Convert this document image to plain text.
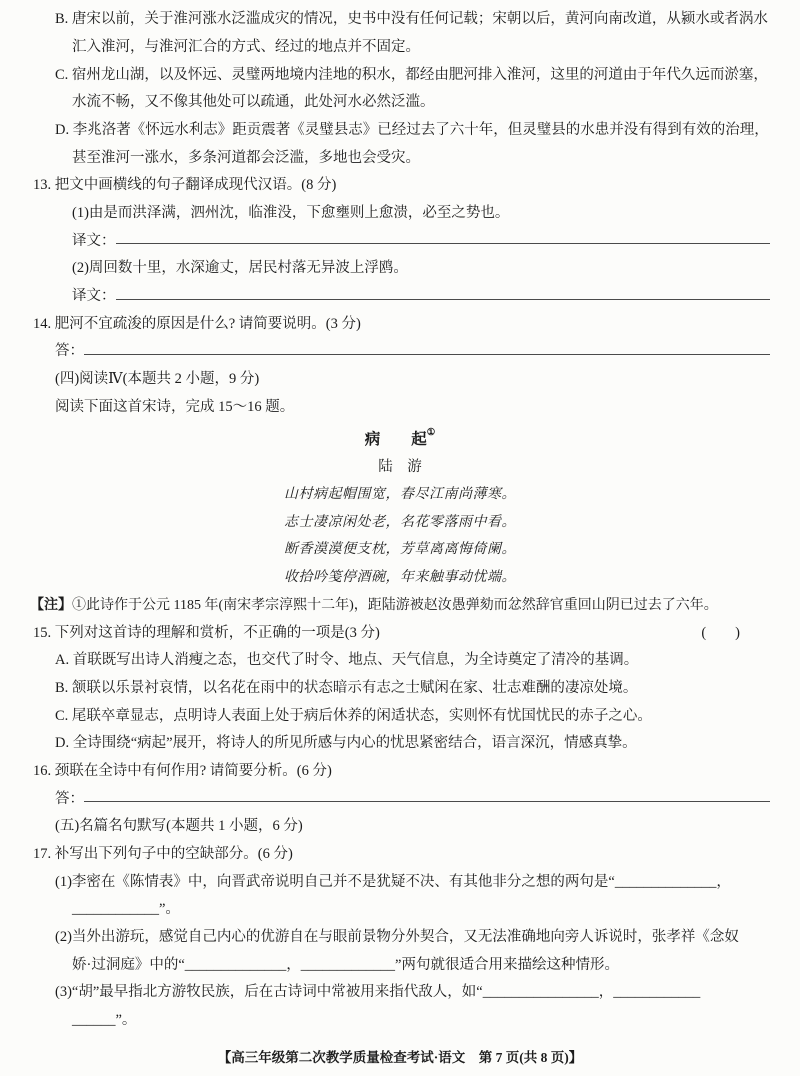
B. 唐宋以前，关于淮河涨水泛滥成灾的情况，史书中没有任何记载；宋朝以后，黄河向南改道，从颍水或者涡水
汇入淮河，与淮河汇合的方式、经过的地点并不固定。
C. 宿州龙山湖，以及怀远、灵璧两地境内洼地的积水，都经由肥河排入淮河，这里的河道由于年代久远而淤塞，
水流不畅，又不像其他处可以疏通，此处河水必然泛滥。
D. 李兆洛著《怀远水利志》距贡震著《灵璧县志》已经过去了六十年，但灵璧县的水患并没有得到有效的治理，
甚至淮河一涨水，多条河道都会泛滥，多地也会受灾。
13. 把文中画横线的句子翻译成现代汉语。(8 分)
(1)由是而洪泽满，泗州沈，临淮没，下愈壅则上愈溃，必至之势也。
译文：
(2)周回数十里，水深逾丈，居民村落无异波上浮鸥。
译文：
14. 肥河不宜疏浚的原因是什么? 请简要说明。(3 分)
答：
(四)阅读Ⅳ(本题共 2 小题，9 分)
阅读下面这首宋诗，完成 15～16 题。
病　　起 ①
陆　游
山村病起帽围宽，春尽江南尚薄寒。
志士凄凉闲处老，名花零落雨中看。
断香漠漠便支枕，芳草离离悔倚阑。
收拾吟笺停酒碗，年来触事动忧端。
【注】 ①此诗作于公元 1185 年(南宋孝宗淳熙十二年)，距陆游被赵汝愚弹劾而忿然辞官重回山阴已过去了六年。
15. 下列对这首诗的理解和赏析，不正确的一项是(3 分)	(　　)
A. 首联既写出诗人消瘦之态，也交代了时令、地点、天气信息，为全诗奠定了清冷的基调。
B. 颔联以乐景衬哀情，以名花在雨中的状态暗示有志之士赋闲在家、壮志难酬的凄凉处境。
C. 尾联卒章显志，点明诗人表面上处于病后休养的闲适状态，实则怀有忧国忧民的赤子之心。
D. 全诗围绕“病起”展开，将诗人的所见所感与内心的忧思紧密结合，语言深沉，情感真挚。
16. 颈联在全诗中有何作用? 请简要分析。(6 分)
答：
(五)名篇名句默写(本题共 1 小题，6 分)
17. 补写出下列句子中的空缺部分。(6 分)
(1)李密在《陈情表》中，向晋武帝说明自己并不是犹疑不决、有其他非分之想的两句是“______________，
____________”。
(2)当外出游玩，感觉自己内心的优游自在与眼前景物分外契合，又无法准确地向旁人诉说时，张孝祥《念奴
娇·过洞庭》中的“______________，_____________”两句就很适合用来描绘这种情形。
(3)“胡”最早指北方游牧民族，后在古诗词中常被用来指代敌人，如“________________，____________
______”。
【高三年级第二次教学质量检查考试·语文　第 7 页(共 8 页)】
